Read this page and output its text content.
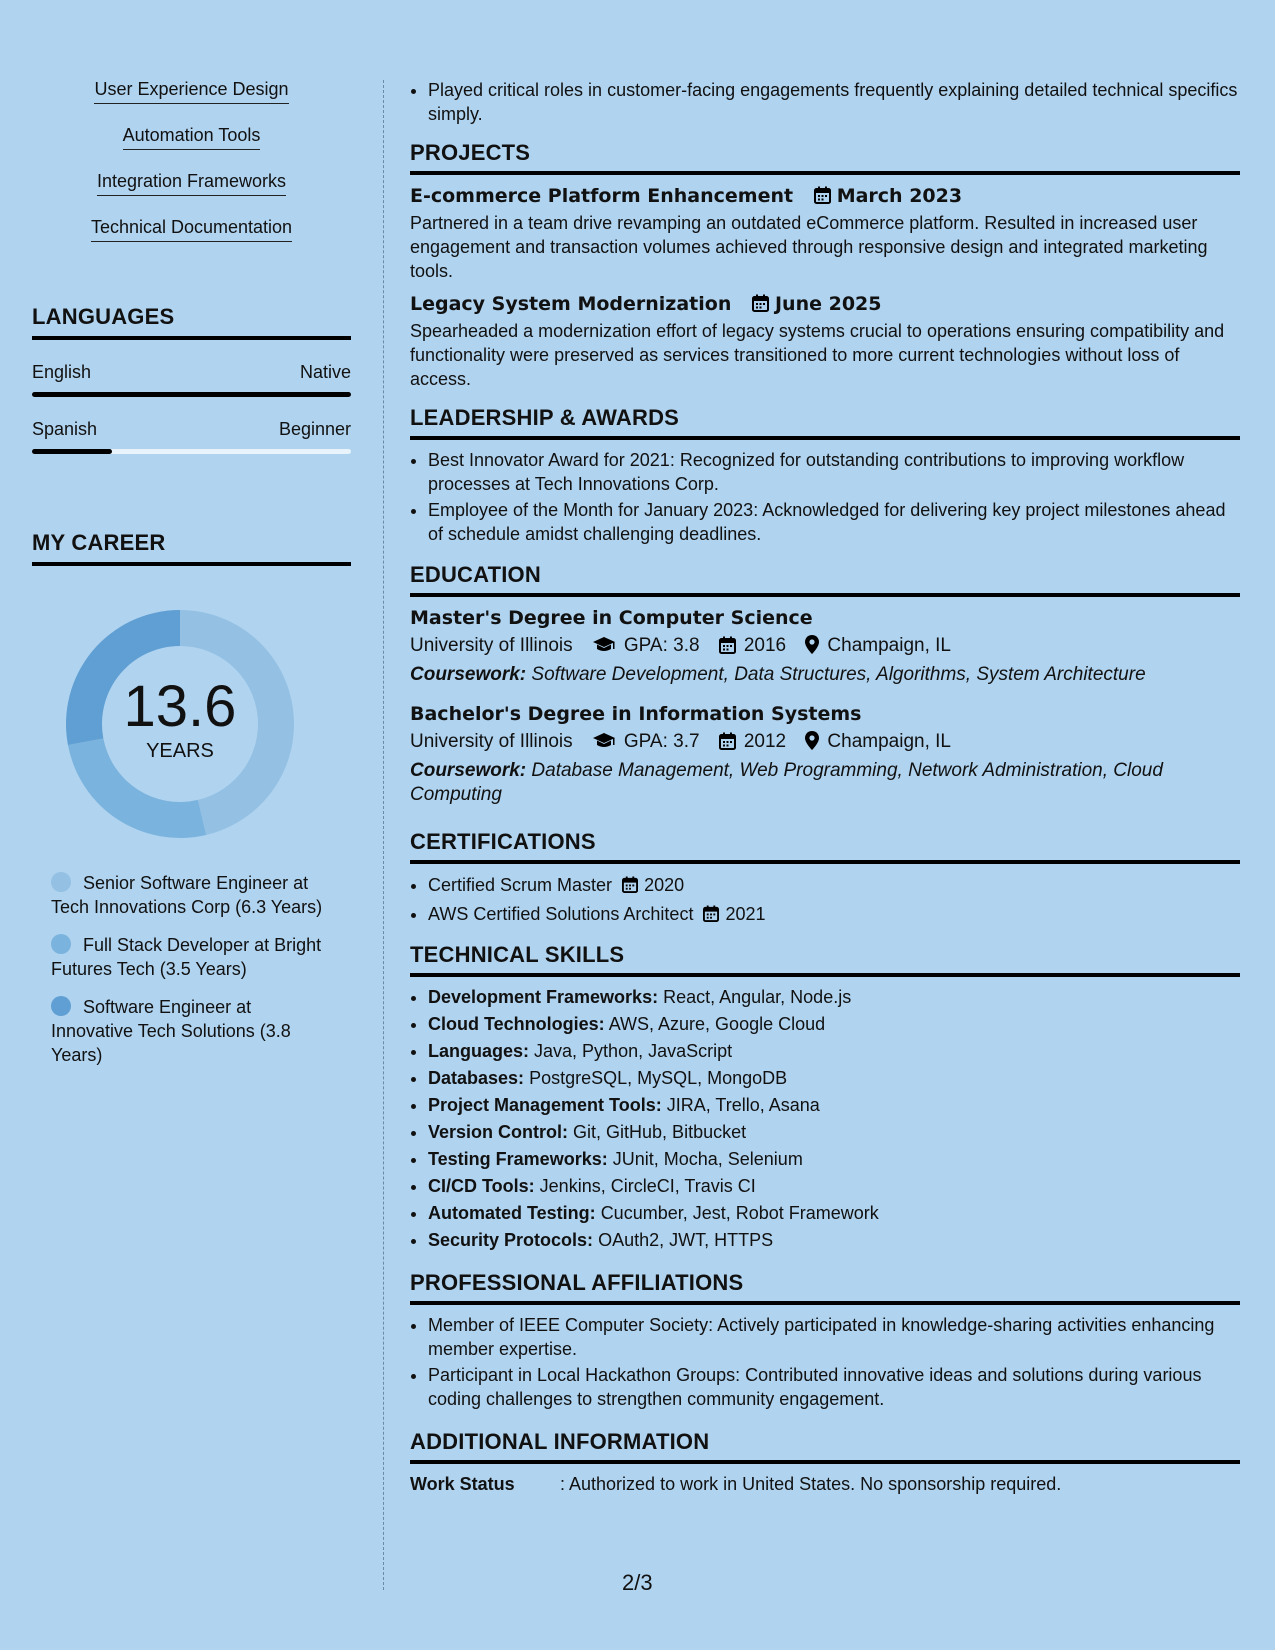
User Experience Design
Automation Tools
Integration Frameworks
Technical Documentation
LANGUAGES
English	Native
Spanish	Beginner
MY CAREER
13.6
YEARS
Senior Software Engineer at Tech Innovations Corp (6.3 Years)
Full Stack Developer at Bright Futures Tech (3.5 Years)
Software Engineer at Innovative Tech Solutions (3.8 Years)
• Played critical roles in customer-facing engagements frequently explaining detailed technical specifics simply.
PROJECTS
E-commerce Platform Enhancement March 2023
Partnered in a team drive revamping an outdated eCommerce platform. Resulted in increased user engagement and transaction volumes achieved through responsive design and integrated marketing tools.
Legacy System Modernization June 2025
Spearheaded a modernization effort of legacy systems crucial to operations ensuring compatibility and functionality were preserved as services transitioned to more current technologies without loss of access.
LEADERSHIP & AWARDS
• Best Innovator Award for 2021: Recognized for outstanding contributions to improving workflow processes at Tech Innovations Corp.
• Employee of the Month for January 2023: Acknowledged for delivering key project milestones ahead of schedule amidst challenging deadlines.
EDUCATION
Master's Degree in Computer Science
University of Illinois	GPA: 3.8 2016 Champaign, IL
Coursework: Software Development, Data Structures, Algorithms, System Architecture
Bachelor's Degree in Information Systems
University of Illinois	GPA: 3.7 2012 Champaign, IL
Coursework: Database Management, Web Programming, Network Administration, Cloud Computing
CERTIFICATIONS
• Certified Scrum Master 2020
• AWS Certified Solutions Architect 2021
TECHNICAL SKILLS
• Development Frameworks: React, Angular, Node.js
• Cloud Technologies: AWS, Azure, Google Cloud
• Languages: Java, Python, JavaScript
• Databases: PostgreSQL, MySQL, MongoDB
• Project Management Tools: JIRA, Trello, Asana
• Version Control: Git, GitHub, Bitbucket
• Testing Frameworks: JUnit, Mocha, Selenium
• CI/CD Tools: Jenkins, CircleCI, Travis CI
• Automated Testing: Cucumber, Jest, Robot Framework
• Security Protocols: OAuth2, JWT, HTTPS
PROFESSIONAL AFFILIATIONS
• Member of IEEE Computer Society: Actively participated in knowledge-sharing activities enhancing member expertise.
• Participant in Local Hackathon Groups: Contributed innovative ideas and solutions during various coding challenges to strengthen community engagement.
ADDITIONAL INFORMATION
Work Status	: Authorized to work in United States. No sponsorship required.
2/3
